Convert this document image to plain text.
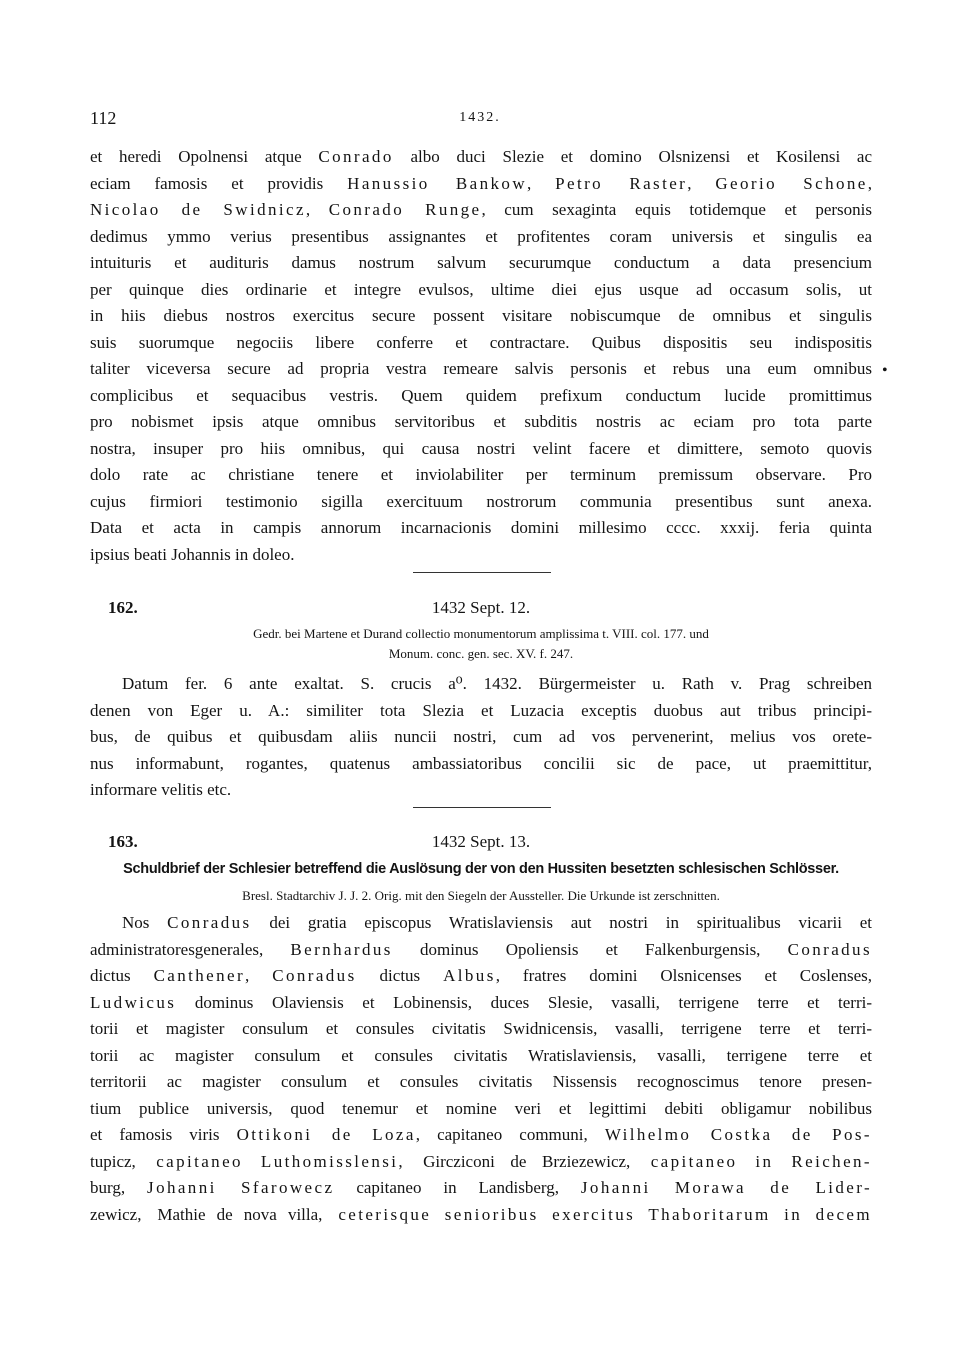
112	1432.
et heredi Opolnensi atque Conrado albo duci Slezie et domino Olsnizensi et Kosilensi ac
eciam famosis et providis Hanussio Bankow, Petro Raster, Georio Schone,
Nicolao de Swidnicz, Conrado Runge, cum sexaginta equis totidemque et personis
dedimus ymmo verius presentibus assignantes et profitentes coram universis et singulis ea
intuituris et audituris damus nostrum salvum securumque conductum a data presencium
per quinque dies ordinarie et integre evulsos, ultime diei ejus usque ad occasum solis, ut
in hiis diebus nostros exercitus secure possent visitare nobiscumque de omnibus et singulis
suis suorumque negociis libere conferre et contractare. Quibus dispositis seu indispositis
taliter viceversa secure ad propria vestra remeare salvis personis et rebus una eum omnibus
complicibus et sequacibus vestris. Quem quidem prefixum conductum lucide promittimus
pro nobismet ipsis atque omnibus servitoribus et subditis nostris ac eciam pro tota parte
nostra, insuper pro hiis omnibus, qui causa nostri velint facere et dimittere, semoto quovis
dolo rate ac christiane tenere et inviolabiliter per terminum premissum observare. Pro
cujus firmiori testimonio sigilla exercituum nostrorum communia presentibus sunt anexa.
Data et acta in campis annorum incarnacionis domini millesimo cccc. xxxij. feria quinta
ipsius beati Johannis in doleo.
•
162.	1432 Sept. 12.
Gedr. bei Martene et Durand collectio monumentorum amplissima t. VIII. col. 177. und
Monum. conc. gen. sec. XV. f. 247.
Datum fer. 6 ante exaltat. S. crucis a⁰. 1432. Bürgermeister u. Rath v. Prag schreiben
denen von Eger u. A.: similiter tota Slezia et Luzacia exceptis duobus aut tribus principi-
bus, de quibus et quibusdam aliis nuncii nostri, cum ad vos pervenerint, melius vos orete-
nus informabunt, rogantes, quatenus ambassiatoribus concilii sic de pace, ut praemittitur,
informare velitis etc.
163.	1432 Sept. 13.
Schuldbrief der Schlesier betreffend die Auslösung der von den Hussiten besetzten schlesischen Schlösser.
Bresl. Stadtarchiv J. J. 2. Orig. mit den Siegeln der Aussteller. Die Urkunde ist zerschnitten.
Nos Conradus dei gratia episcopus Wratislaviensis aut nostri in spiritualibus vicarii et
administratoresgenerales, Bernhardus dominus Opoliensis et Falkenburgensis, Conradus
dictus Canthener, Conradus dictus Albus, fratres domini Olsnicenses et Coslenses,
Ludwicus dominus Olaviensis et Lobinensis, duces Slesie, vasalli, terrigene terre et terri-
torii et magister consulum et consules civitatis Swidnicensis, vasalli, terrigene terre et terri-
torii ac magister consulum et consules civitatis Wratislaviensis, vasalli, terrigene terre et
territorii ac magister consulum et consules civitatis Nissensis recognoscimus tenore presen-
tium publice universis, quod tenemur et nomine veri et legittimi debiti obligamur nobilibus
et famosis viris Ottikoni de Loza, capitaneo communi, Wilhelmo Costka de Pos-
tupicz, capitaneo Luthomisslensi, Gircziconi de Brziezewicz, capitaneo in Reichen-
burg, Johanni Sfarowecz capitaneo in Landisberg, Johanni Morawa de Lider-
zewicz, Mathie de nova villa, ceterisque senioribus exercitus Thaboritarum in decem
